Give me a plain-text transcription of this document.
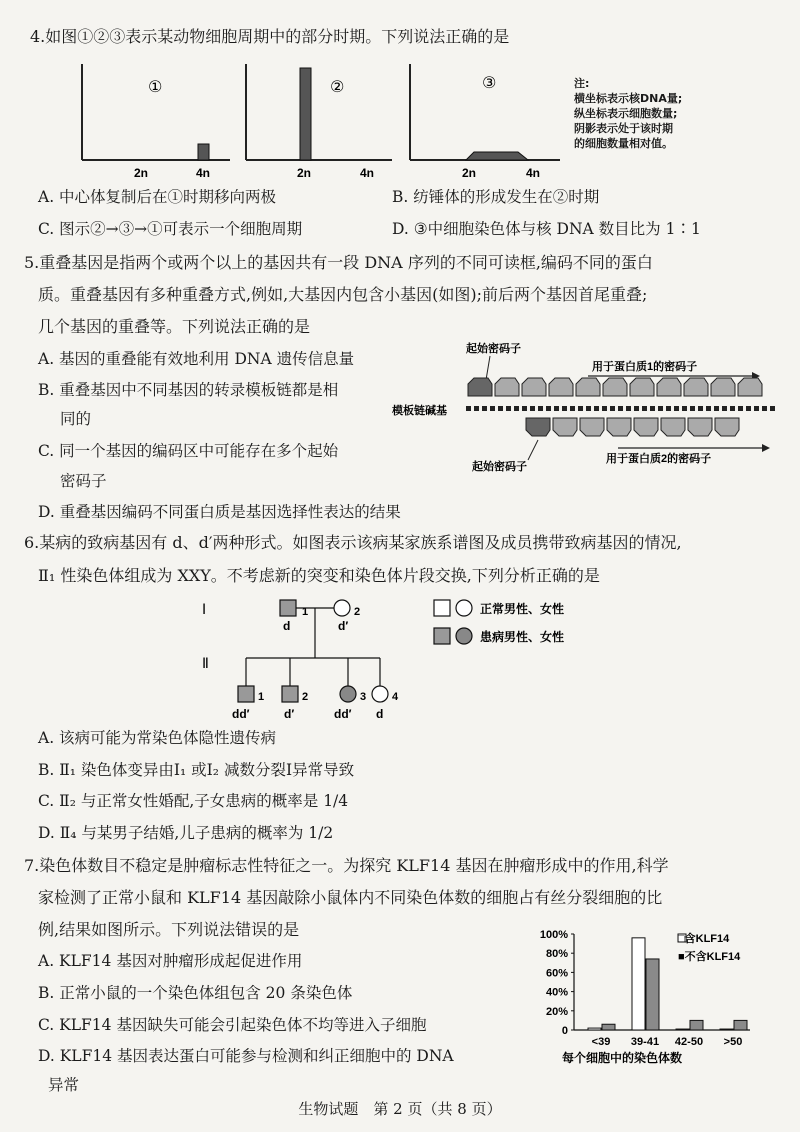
4.如图①②③表示某动物细胞周期中的部分时期。下列说法正确的是
①
2n	4n
②
2n	4n
③
2n	4n
注:
横坐标表示核DNA量;
纵坐标表示细胞数量;
阴影表示处于该时期
的细胞数量相对值。
A. 中心体复制后在①时期移向两极	B. 纺锤体的形成发生在②时期
C. 图示②→③→①可表示一个细胞周期	D. ③中细胞染色体与核 DNA 数目比为 1∶1
5.重叠基因是指两个或两个以上的基因共有一段 DNA 序列的不同可读框,编码不同的蛋白
质。重叠基因有多种重叠方式,例如,大基因内包含小基因(如图);前后两个基因首尾重叠;
几个基因的重叠等。下列说法正确的是
A. 基因的重叠能有效地利用 DNA 遗传信息量
B. 重叠基因中不同基因的转录模板链都是相
同的
C. 同一个基因的编码区中可能存在多个起始
密码子
D. 重叠基因编码不同蛋白质是基因选择性表达的结果
起始密码子
用于蛋白质1的密码子
模板链碱基
起始密码子
用于蛋白质2的密码子
6.某病的致病基因有 d、d′两种形式。如图表示该病某家族系谱图及成员携带致病基因的情况,
Ⅱ₁ 性染色体组成为 XXY。不考虑新的突变和染色体片段交换,下列分析正确的是
Ⅰ
Ⅱ
1
d
2
d′
1
dd′
2
d′
3
dd′
4
d
正常男性、女性
患病男性、女性
A. 该病可能为常染色体隐性遗传病
B. Ⅱ₁ 染色体变异由Ⅰ₁ 或Ⅰ₂ 减数分裂Ⅰ异常导致
C. Ⅱ₂ 与正常女性婚配,子女患病的概率是 1/4
D. Ⅱ₄ 与某男子结婚,儿子患病的概率为 1/2
7.染色体数目不稳定是肿瘤标志性特征之一。为探究 KLF14 基因在肿瘤形成中的作用,科学
家检测了正常小鼠和 KLF14 基因敲除小鼠体内不同染色体数的细胞占有丝分裂细胞的比
例,结果如图所示。下列说法错误的是
A. KLF14 基因对肿瘤形成起促进作用
B. 正常小鼠的一个染色体组包含 20 条染色体
C. KLF14 基因缺失可能会引起染色体不均等进入子细胞
D. KLF14 基因表达蛋白可能参与检测和纠正细胞中的 DNA
异常
0
20%
40%
60%
80%
100%
<39 39-41 42-50 >50
每个细胞中的染色体数
□含KLF14
■不含KLF14
生物试题　第 2 页（共 8 页）
